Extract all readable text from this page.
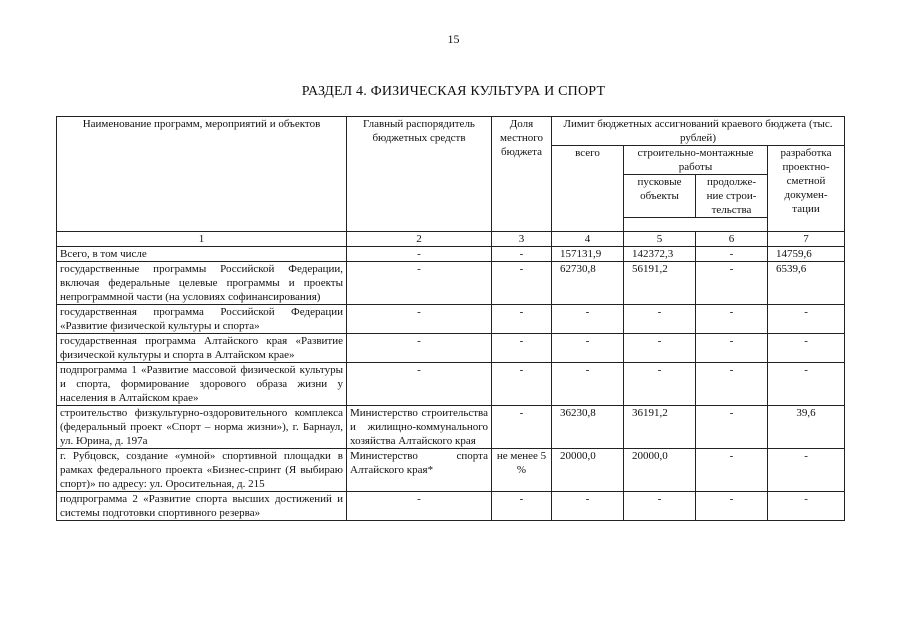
15
РАЗДЕЛ 4. ФИЗИЧЕСКАЯ КУЛЬТУРА И СПОРТ
Наименование программ, мероприятий и объектов	Главный распорядитель бюджетных средств	Доля местного бюджета	Лимит бюджетных ассигнований краевого бюджета (тыс. рублей)			
			всего	строительно-монтажные работы		разработка проектно-сметной докумен-тации
				пусковые объекты	продолже-ние строи-тельства	

1	2	3	4	5	6	7
Всего, в том числе	-	-	157131,9	142372,3	-	14759,6
государственные программы Российской Федерации, включая федеральные целевые программы и проекты непрограммной части (на условиях софинансирования)	-	-	62730,8	56191,2	-	6539,6
государственная программа Российской Федерации «Развитие физической культуры и спорта»	-	-	-	-	-	-
государственная программа Алтайского края «Развитие физической культуры и спорта в Алтайском крае»	-	-	-	-	-	-
подпрограмма 1 «Развитие массовой физической культуры и спорта, формирование здорового образа жизни у населения в Алтайском крае»	-	-	-	-	-	-
строительство физкультурно-оздоровительного комплекса (федеральный проект «Спорт – норма жизни»), г. Барнаул, ул. Юрина, д. 197а	Министерство строительства и жилищно-коммунального хозяйства Алтайского края	-	36230,8	36191,2	-	39,6
г. Рубцовск, создание «умной» спортивной площадки в рамках федерального проекта «Бизнес-спринт (Я выбираю спорт)» по адресу: ул. Оросительная, д. 215	Министерство спорта Алтайского края*	не менее 5 %	20000,0	20000,0	-	-
подпрограмма 2 «Развитие спорта высших достижений и системы подготовки спортивного резерва»	-	-	-	-	-	-
